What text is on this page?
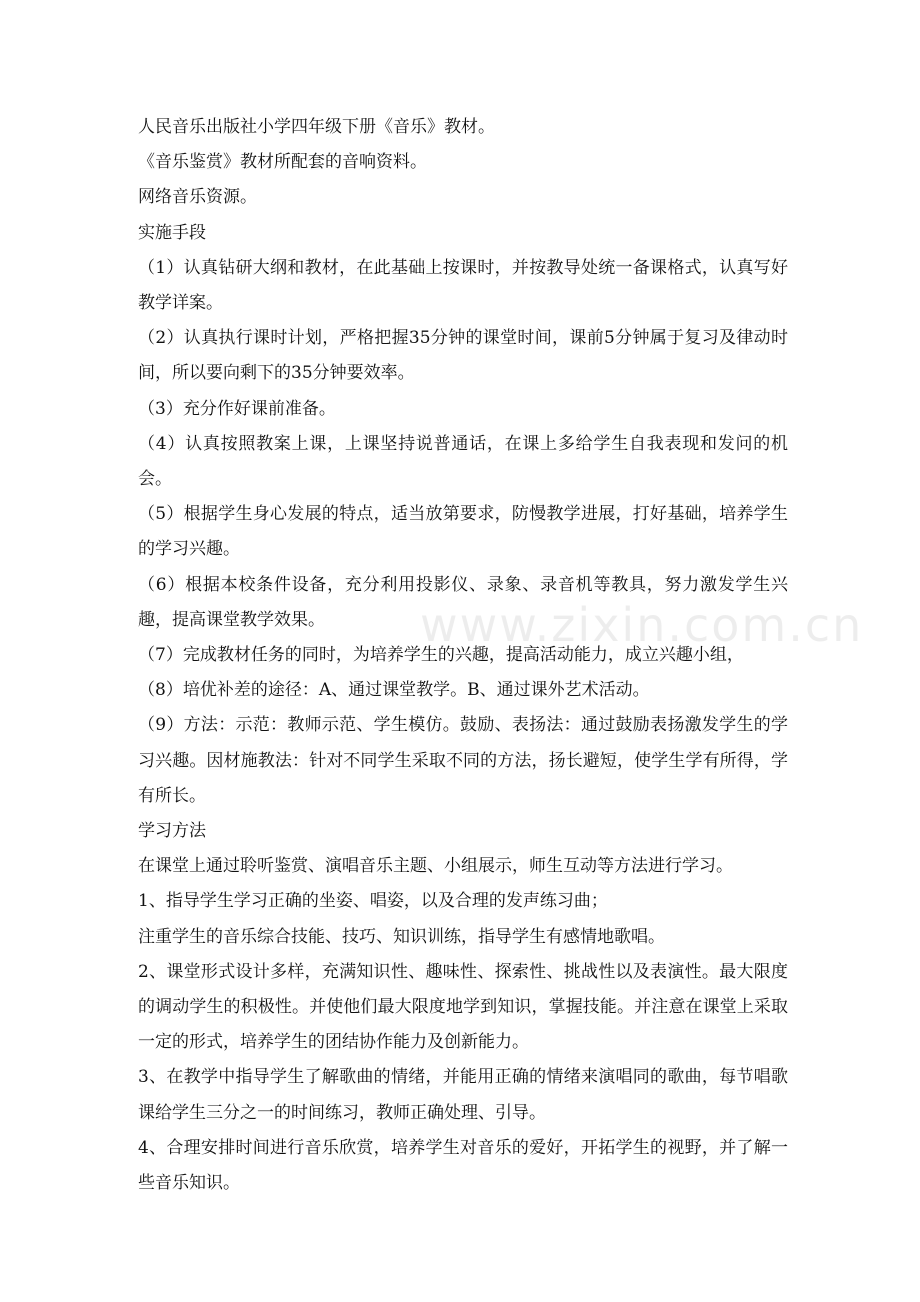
人民音乐出版社小学四年级下册《音乐》教材。

《音乐鉴赏》教材所配套的音响资料。

网络音乐资源。

实施手段

（1）认真钻研大纲和教材，在此基础上按课时，并按教导处统一备课格式，认真写好教学详案。

（2）认真执行课时计划，严格把握35分钟的课堂时间，课前5分钟属于复习及律动时间，所以要向剩下的35分钟要效率。

（3）充分作好课前准备。

（4）认真按照教案上课，上课坚持说普通话，在课上多给学生自我表现和发问的机会。

（5）根据学生身心发展的特点，适当放第要求，防慢教学进展，打好基础，培养学生的学习兴趣。

（6）根据本校条件设备，充分利用投影仪、录象、录音机等教具，努力激发学生兴趣，提高课堂教学效果。

（7）完成教材任务的同时，为培养学生的兴趣，提高活动能力，成立兴趣小组，

（8）培优补差的途径：A、通过课堂教学。B、通过课外艺术活动。

（9）方法：示范：教师示范、学生模仿。鼓励、表扬法：通过鼓励表扬激发学生的学习兴趣。因材施教法：针对不同学生采取不同的方法，扬长避短，使学生学有所得，学有所长。

学习方法

在课堂上通过聆听鉴赏、演唱音乐主题、小组展示，师生互动等方法进行学习。

1、指导学生学习正确的坐姿、唱姿，以及合理的发声练习曲；

注重学生的音乐综合技能、技巧、知识训练，指导学生有感情地歌唱。

2、课堂形式设计多样，充满知识性、趣味性、探索性、挑战性以及表演性。最大限度的调动学生的积极性。并使他们最大限度地学到知识，掌握技能。并注意在课堂上采取一定的形式，培养学生的团结协作能力及创新能力。

3、在教学中指导学生了解歌曲的情绪，并能用正确的情绪来演唱同的歌曲，每节唱歌课给学生三分之一的时间练习，教师正确处理、引导。

4、合理安排时间进行音乐欣赏，培养学生对音乐的爱好，开拓学生的视野，并了解一些音乐知识。

www.zixin.com.cn
